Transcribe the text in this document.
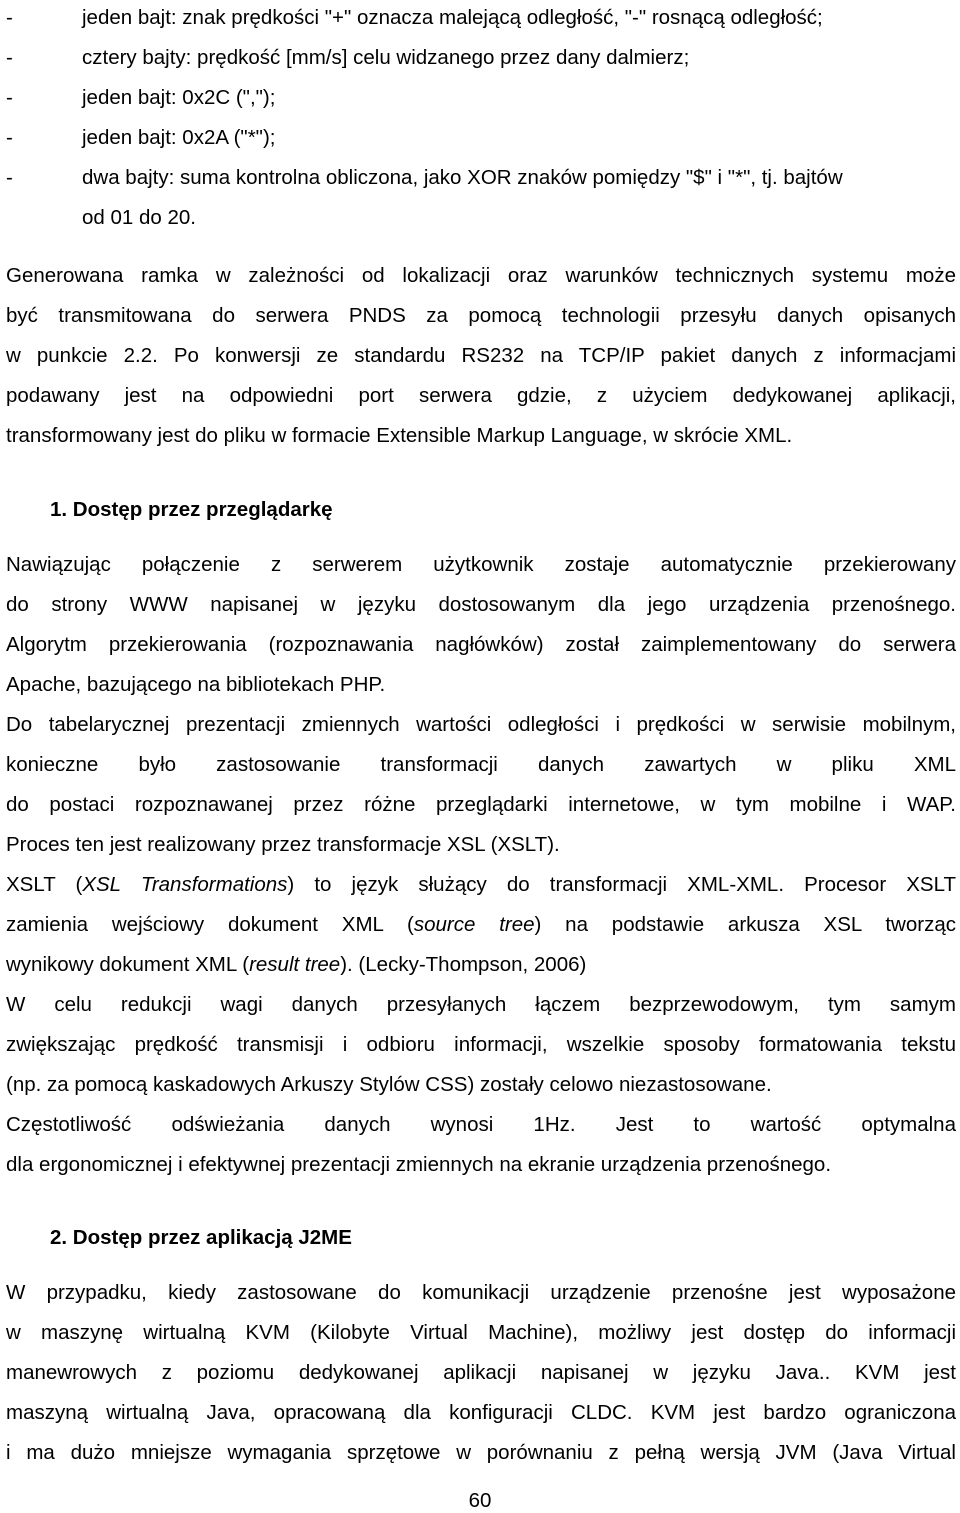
-	jeden bajt: znak prędkości "+" oznacza malejącą odległość, "-" rosnącą odległość;
-	cztery bajty: prędkość [mm/s] celu widzanego przez dany dalmierz;
-	jeden bajt: 0x2C (",");
-	jeden bajt: 0x2A ("*");
-	dwa bajty: suma kontrolna obliczona, jako XOR znaków pomiędzy "$" i "*", tj. bajtów
od 01 do 20.
Generowana ramka w zależności od lokalizacji oraz warunków technicznych systemu może
być transmitowana do serwera PNDS za pomocą technologii przesyłu danych opisanych
w punkcie 2.2. Po konwersji ze standardu RS232 na TCP/IP pakiet danych z informacjami
podawany jest na odpowiedni port serwera gdzie, z użyciem dedykowanej aplikacji,
transformowany jest do pliku w formacie Extensible Markup Language, w skrócie XML.
1. Dostęp przez przeglądarkę
Nawiązując połączenie z serwerem użytkownik zostaje automatycznie przekierowany
do strony WWW napisanej w języku dostosowanym dla jego urządzenia przenośnego.
Algorytm przekierowania (rozpoznawania nagłówków) został zaimplementowany do serwera
Apache, bazującego na bibliotekach PHP.
Do tabelarycznej prezentacji zmiennych wartości odległości i prędkości w serwisie mobilnym,
konieczne było zastosowanie transformacji danych zawartych w pliku XML
do postaci rozpoznawanej przez różne przeglądarki internetowe, w tym mobilne i WAP.
Proces ten jest realizowany przez transformacje XSL (XSLT).
XSLT (XSL Transformations) to język służący do transformacji XML-XML. Procesor XSLT
zamienia wejściowy dokument XML (source tree) na podstawie arkusza XSL tworząc
wynikowy dokument XML (result tree). (Lecky-Thompson, 2006)
W celu redukcji wagi danych przesyłanych łączem bezprzewodowym, tym samym
zwiększając prędkość transmisji i odbioru informacji, wszelkie sposoby formatowania tekstu
(np. za pomocą kaskadowych Arkuszy Stylów CSS) zostały celowo niezastosowane.
Częstotliwość odświeżania danych wynosi 1Hz. Jest to wartość optymalna
dla ergonomicznej i efektywnej prezentacji zmiennych na ekranie urządzenia przenośnego.
2. Dostęp przez aplikacją J2ME
W przypadku, kiedy zastosowane do komunikacji urządzenie przenośne jest wyposażone
w maszynę wirtualną KVM (Kilobyte Virtual Machine), możliwy jest dostęp do informacji
manewrowych z poziomu dedykowanej aplikacji napisanej w języku Java.. KVM jest
maszyną wirtualną Java, opracowaną dla konfiguracji CLDC. KVM jest bardzo ograniczona
i ma dużo mniejsze wymagania sprzętowe w porównaniu z pełną wersją JVM (Java Virtual
60
